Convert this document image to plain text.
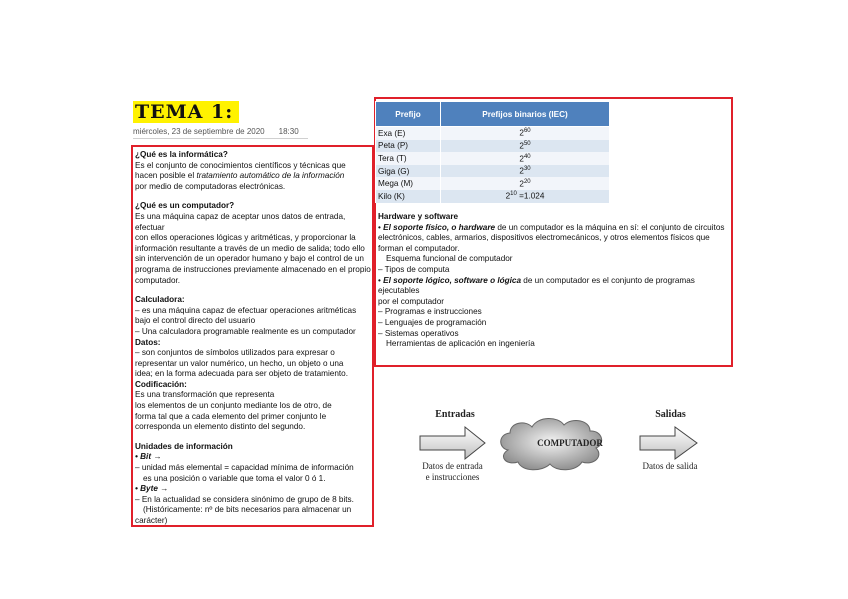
TEMA 1:
miércoles, 23 de septiembre de 2020 18:30

¿Qué es la informática?

Es el conjunto de conocimientos científicos y técnicas que

hacen posible el tratamiento automático de la información

por medio de computadoras electrónicas.

¿Qué es un computador?

Es una máquina capaz de aceptar unos datos de entrada, efectuar

con ellos operaciones lógicas y aritméticas, y proporcionar la

información resultante a través de un medio de salida; todo ello

sin intervención de un operador humano y bajo el control de un

programa de instrucciones previamente almacenado en el propio

computador.

Calculadora:

– es una máquina capaz de efectuar operaciones aritméticas

bajo el control directo del usuario

– Una calculadora programable realmente es un computador

Datos:

– son conjuntos de símbolos utilizados para expresar o

representar un valor numérico, un hecho, un objeto o una

idea; en la forma adecuada para ser objeto de tratamiento.

Codificación:

Es una transformación que representa

los elementos de un conjunto mediante los de otro, de

forma tal que a cada elemento del primer conjunto le

corresponda un elemento distinto del segundo.

Unidades de información

• Bit →

– unidad más elemental = capacidad mínima de información

es una posición o variable que toma el valor 0 ó 1.

• Byte →

– En la actualidad se considera sinónimo de grupo de 8 bits.

(Históricamente: nº de bits necesarios para almacenar un

carácter)

Prefijo	Prefijos binarios (IEC)
Exa (E)	$2^{60}$
Peta (P)	$2^{50}$
Tera (T)	$2^{40}$
Giga (G)	$2^{30}$
Mega (M)	$2^{20}$
Kilo (K)	$2^{10} =1.024$

Hardware y software

• El soporte físico, o hardware de un computador es la máquina en sí: el conjunto de circuitos

electrónicos, cables, armarios, dispositivos electromecánicos, y otros elementos físicos que

forman el computador.

Esquema funcional de computador

– Tipos de computa

• El soporte lógico, software o lógica de un computador es el conjunto de programas ejecutables

por el computador

– Programas e instrucciones

– Lenguajes de programación

– Sistemas operativos

Herramientas de aplicación en ingeniería

Entradas	Salidas
COMPUTADOR
Datos de entrada
e instrucciones
Datos de salida
